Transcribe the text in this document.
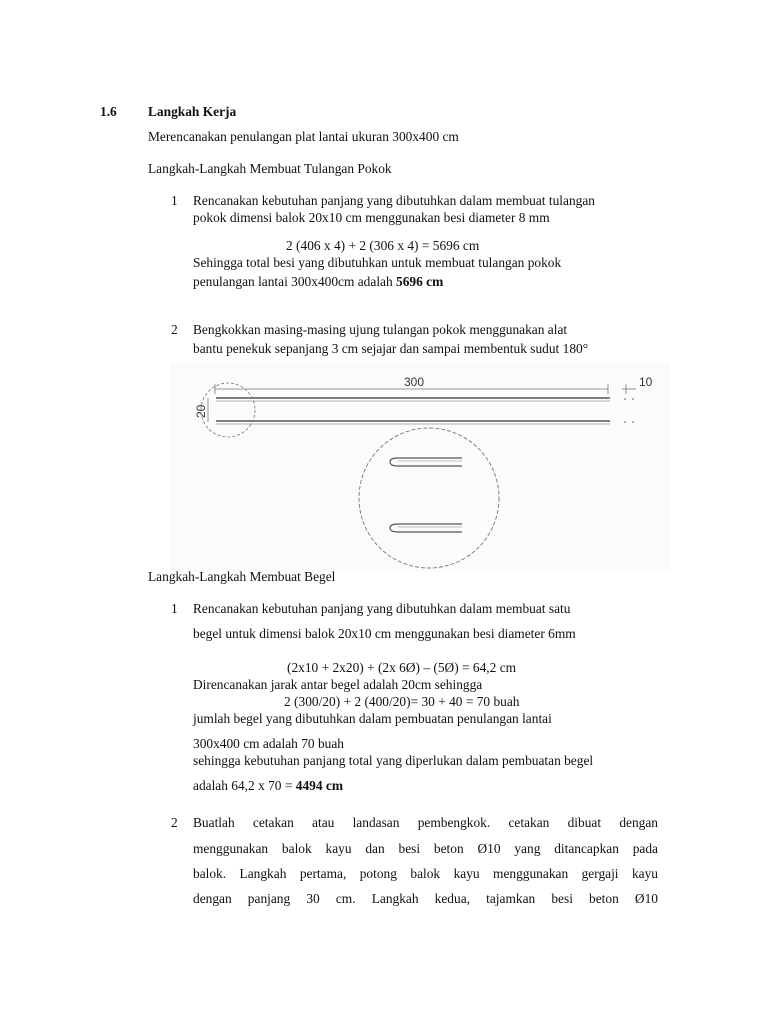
1.6 Langkah Kerja
Merencanakan penulangan plat lantai ukuran 300x400 cm
Langkah-Langkah Membuat Tulangan Pokok
1 Rencanakan kebutuhan panjang yang dibutuhkan dalam membuat tulangan
pokok dimensi balok 20x10 cm menggunakan besi diameter 8 mm
2 (406 x 4) + 2 (306 x 4) = 5696 cm
Sehingga total besi yang dibutuhkan untuk membuat tulangan pokok
penulangan lantai 300x400cm adalah 5696 cm
2 Bengkokkan masing-masing ujung tulangan pokok menggunakan alat
bantu penekuk sepanjang 3 cm sejajar dan sampai membentuk sudut 180°
300	10
20
Langkah-Langkah Membuat Begel
1 Rencanakan kebutuhan panjang yang dibutuhkan dalam membuat satu
begel untuk dimensi balok 20x10 cm menggunakan besi diameter 6mm
(2x10 + 2x20) + (2x 6Ø) – (5Ø) = 64,2 cm
Direncanakan jarak antar begel adalah 20cm sehingga
2 (300/20) + 2 (400/20)= 30 + 40 = 70 buah
jumlah begel yang dibutuhkan dalam pembuatan penulangan lantai
300x400 cm adalah 70 buah
sehingga kebutuhan panjang total yang diperlukan dalam pembuatan begel
adalah 64,2 x 70 = 4494 cm
2 Buatlah cetakan atau landasan pembengkok. cetakan dibuat dengan
menggunakan balok kayu dan besi beton Ø10 yang ditancapkan pada
balok. Langkah pertama, potong balok kayu menggunakan gergaji kayu
dengan panjang 30 cm. Langkah kedua, tajamkan besi beton Ø10
